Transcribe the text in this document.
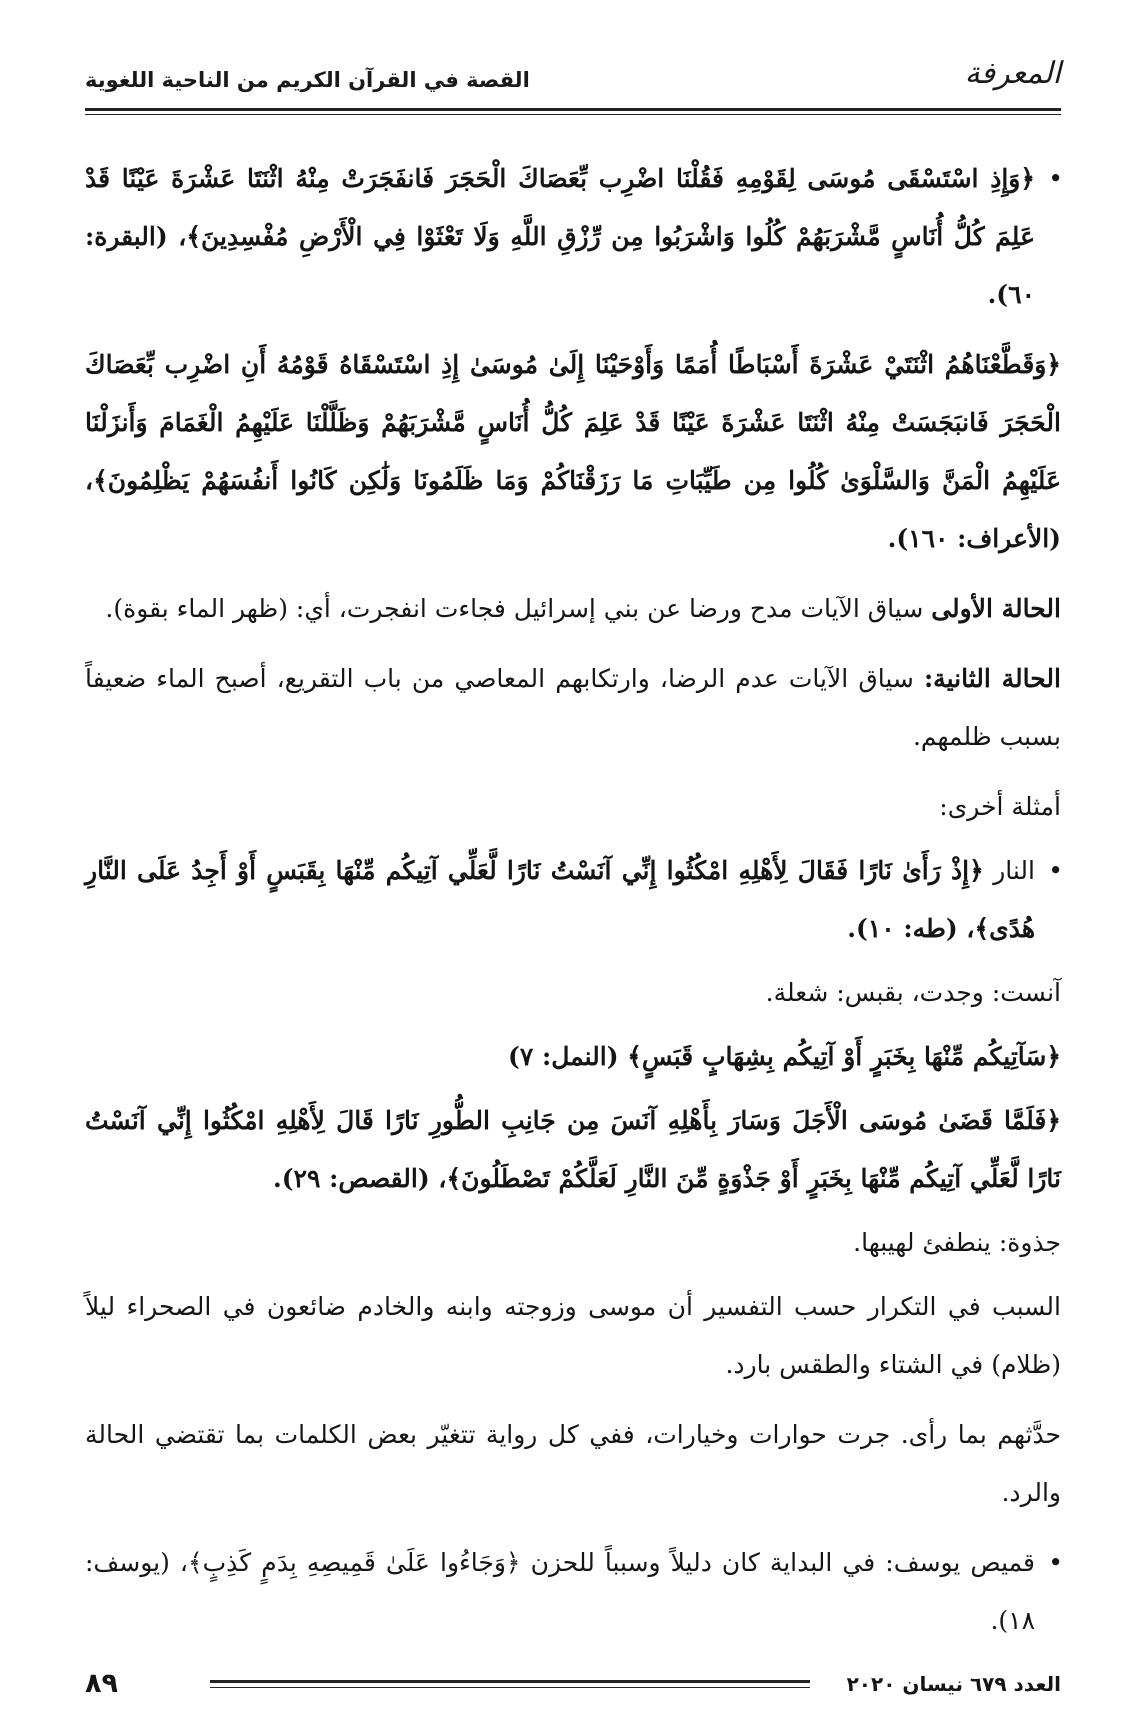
المعرفة
القصة في القرآن الكريم من الناحية اللغوية

•
﴿وَإِذِ اسْتَسْقَى مُوسَى لِقَوْمِهِ فَقُلْنَا اضْرِب بِّعَصَاكَ الْحَجَرَ فَانفَجَرَتْ مِنْهُ اثْنَتَا عَشْرَةَ عَيْنًا قَدْ عَلِمَ كُلُّ أُنَاسٍ مَّشْرَبَهُمْ كُلُوا وَاشْرَبُوا مِن رِّزْقِ اللَّهِ وَلَا تَعْثَوْا فِي الْأَرْضِ مُفْسِدِينَ﴾، (البقرة: ٦٠).

﴿وَقَطَّعْنَاهُمُ اثْنَتَيْ عَشْرَةَ أَسْبَاطًا أُمَمًا وَأَوْحَيْنَا إِلَىٰ مُوسَىٰ إِذِ اسْتَسْقَاهُ قَوْمُهُ أَنِ اضْرِب بِّعَصَاكَ الْحَجَرَ فَانبَجَسَتْ مِنْهُ اثْنَتَا عَشْرَةَ عَيْنًا قَدْ عَلِمَ كُلُّ أُنَاسٍ مَّشْرَبَهُمْ وَظَلَّلْنَا عَلَيْهِمُ الْغَمَامَ وَأَنزَلْنَا عَلَيْهِمُ الْمَنَّ وَالسَّلْوَىٰ كُلُوا مِن طَيِّبَاتِ مَا رَزَقْنَاكُمْ وَمَا ظَلَمُونَا وَلَٰكِن كَانُوا أَنفُسَهُمْ يَظْلِمُونَ﴾، (الأعراف: ١٦٠).

الحالة الأولى سياق الآيات مدح ورضا عن بني إسرائيل فجاءت انفجرت، أي: (ظهر الماء بقوة).

الحالة الثانية: سياق الآيات عدم الرضا، وارتكابهم المعاصي من باب التقريع، أصبح الماء ضعيفاً بسبب ظلمهم.

أمثلة أخرى:

•
النار ﴿إِذْ رَأَىٰ نَارًا فَقَالَ لِأَهْلِهِ امْكُثُوا إِنِّي آنَسْتُ نَارًا لَّعَلِّي آتِيكُم مِّنْهَا بِقَبَسٍ أَوْ أَجِدُ عَلَى النَّارِ هُدًى﴾، (طه: ١٠).

آنست: وجدت، بقبس: شعلة.

﴿سَآتِيكُم مِّنْهَا بِخَبَرٍ أَوْ آتِيكُم بِشِهَابٍ قَبَسٍ﴾ (النمل: ٧)

﴿فَلَمَّا قَضَىٰ مُوسَى الْأَجَلَ وَسَارَ بِأَهْلِهِ آنَسَ مِن جَانِبِ الطُّورِ نَارًا قَالَ لِأَهْلِهِ امْكُثُوا إِنِّي آنَسْتُ نَارًا لَّعَلِّي آتِيكُم مِّنْهَا بِخَبَرٍ أَوْ جَذْوَةٍ مِّنَ النَّارِ لَعَلَّكُمْ تَصْطَلُونَ﴾، (القصص: ٢٩).

جذوة: ينطفئ لهيبها.

السبب في التكرار حسب التفسير أن موسى وزوجته وابنه والخادم ضائعون في الصحراء ليلاً (ظلام) في الشتاء والطقس بارد.

حدَّثهم بما رأى. جرت حوارات وخيارات، ففي كل رواية تتغيّر بعض الكلمات بما تقتضي الحالة والرد.

•
قميص يوسف: في البداية كان دليلاً وسبباً للحزن ﴿وَجَاءُوا عَلَىٰ قَمِيصِهِ بِدَمٍ كَذِبٍ﴾، (يوسف: ١٨).

العدد ٦٧٩ نيسان ٢٠٢٠
٨٩
